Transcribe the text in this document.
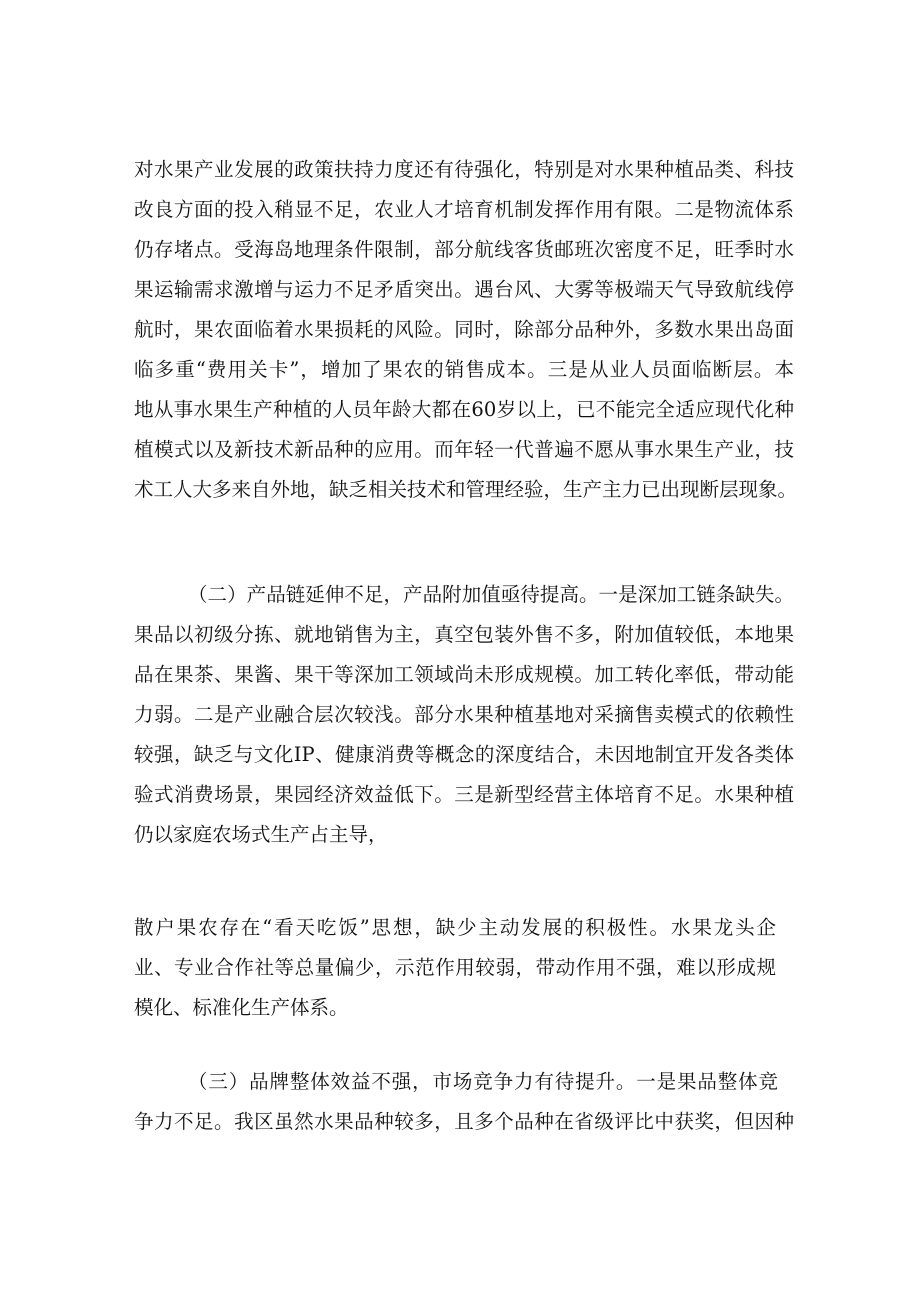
对水果产业发展的政策扶持力度还有待强化，特别是对水果种植品类、科技
改良方面的投入稍显不足，农业人才培育机制发挥作用有限。二是物流体系
仍存堵点。受海岛地理条件限制，部分航线客货邮班次密度不足，旺季时水
果运输需求激增与运力不足矛盾突出。遇台风、大雾等极端天气导致航线停
航时，果农面临着水果损耗的风险。同时，除部分品种外，多数水果出岛面
临多重“费用关卡”，增加了果农的销售成本。三是从业人员面临断层。本
地从事水果生产种植的人员年龄大都在60岁以上，已不能完全适应现代化种
植模式以及新技术新品种的应用。而年轻一代普遍不愿从事水果生产业，技
术工人大多来自外地，缺乏相关技术和管理经验，生产主力已出现断层现象。
（二）产品链延伸不足，产品附加值亟待提高。一是深加工链条缺失。
果品以初级分拣、就地销售为主，真空包装外售不多，附加值较低，本地果
品在果茶、果酱、果干等深加工领域尚未形成规模。加工转化率低，带动能
力弱。二是产业融合层次较浅。部分水果种植基地对采摘售卖模式的依赖性
较强，缺乏与文化IP、健康消费等概念的深度结合，未因地制宜开发各类体
验式消费场景，果园经济效益低下。三是新型经营主体培育不足。水果种植
仍以家庭农场式生产占主导，
散户果农存在“看天吃饭”思想，缺少主动发展的积极性。水果龙头企
业、专业合作社等总量偏少，示范作用较弱，带动作用不强，难以形成规
模化、标准化生产体系。
（三）品牌整体效益不强，市场竞争力有待提升。一是果品整体竞
争力不足。我区虽然水果品种较多，且多个品种在省级评比中获奖，但因种
